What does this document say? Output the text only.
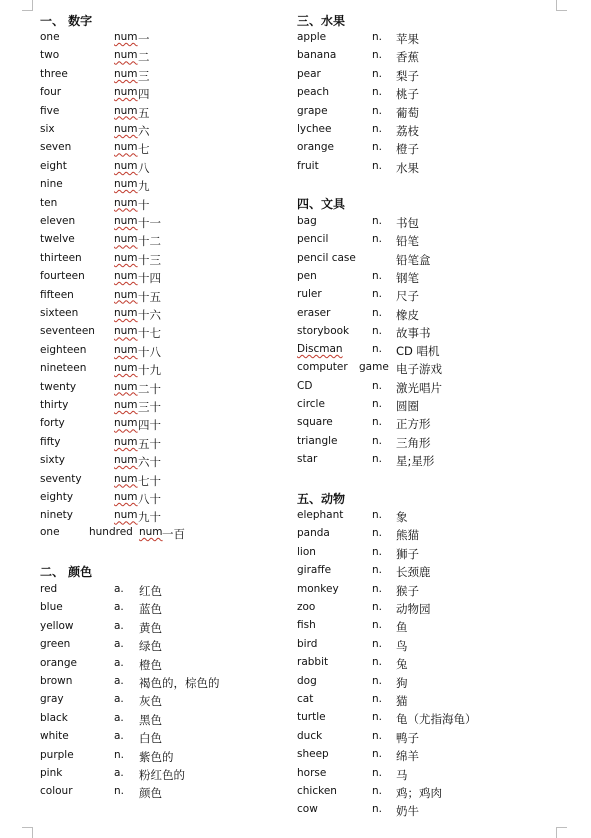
一、 数字
one	num 一
two	num 二
three	num 三
four	num 四
five	num 五
six	num 六
seven	num 七
eight	num 八
nine	num 九
ten	num 十
eleven	num 十一
twelve	num 十二
thirteen	num 十三
fourteen	num 十四
fifteen	num 十五
sixteen	num 十六
seventeen num 十七
eighteen	num 十八
nineteen	num 十九
twenty	num 二十
thirty	num 三十
forty	num 四十
fifty	num 五十
sixty	num 六十
seventy	num 七十
eighty	num 八十
ninety	num 九十
one	hundred num 一百
二、 颜色
red	a. 红色
blue	a. 蓝色
yellow	a. 黄色
green	a. 绿色
orange	a. 橙色
brown	a. 褐色的，棕色的
gray	a. 灰色
black	a. 黑色
white	a. 白色
purple	n. 紫色的
pink	a. 粉红色的
colour	n. 颜色
三、水果
apple	n. 苹果
banana	n. 香蕉
pear	n. 梨子
peach	n. 桃子
grape	n. 葡萄
lychee	n. 荔枝
orange	n. 橙子
fruit	n. 水果
四、文具
bag	n. 书包
pencil	n. 铅笔
pencil case	铅笔盒
pen	n. 钢笔
ruler	n. 尺子
eraser	n. 橡皮
storybook n. 故事书
Discman	n. CD 唱机
computer game 电子游戏
CD	n. 激光唱片
circle	n. 圆圈
square	n. 正方形
triangle	n. 三角形
star	n. 星;星形
五、动物
elephant	n. 象
panda	n. 熊猫
lion	n. 狮子
giraffe	n. 长颈鹿
monkey	n. 猴子
zoo	n. 动物园
fish	n. 鱼
bird	n. 鸟
rabbit	n. 兔
dog	n. 狗
cat	n. 猫
turtle	n. 龟（尤指海龟）
duck	n. 鸭子
sheep	n. 绵羊
horse	n. 马
chicken	n. 鸡；鸡肉
cow	n. 奶牛
